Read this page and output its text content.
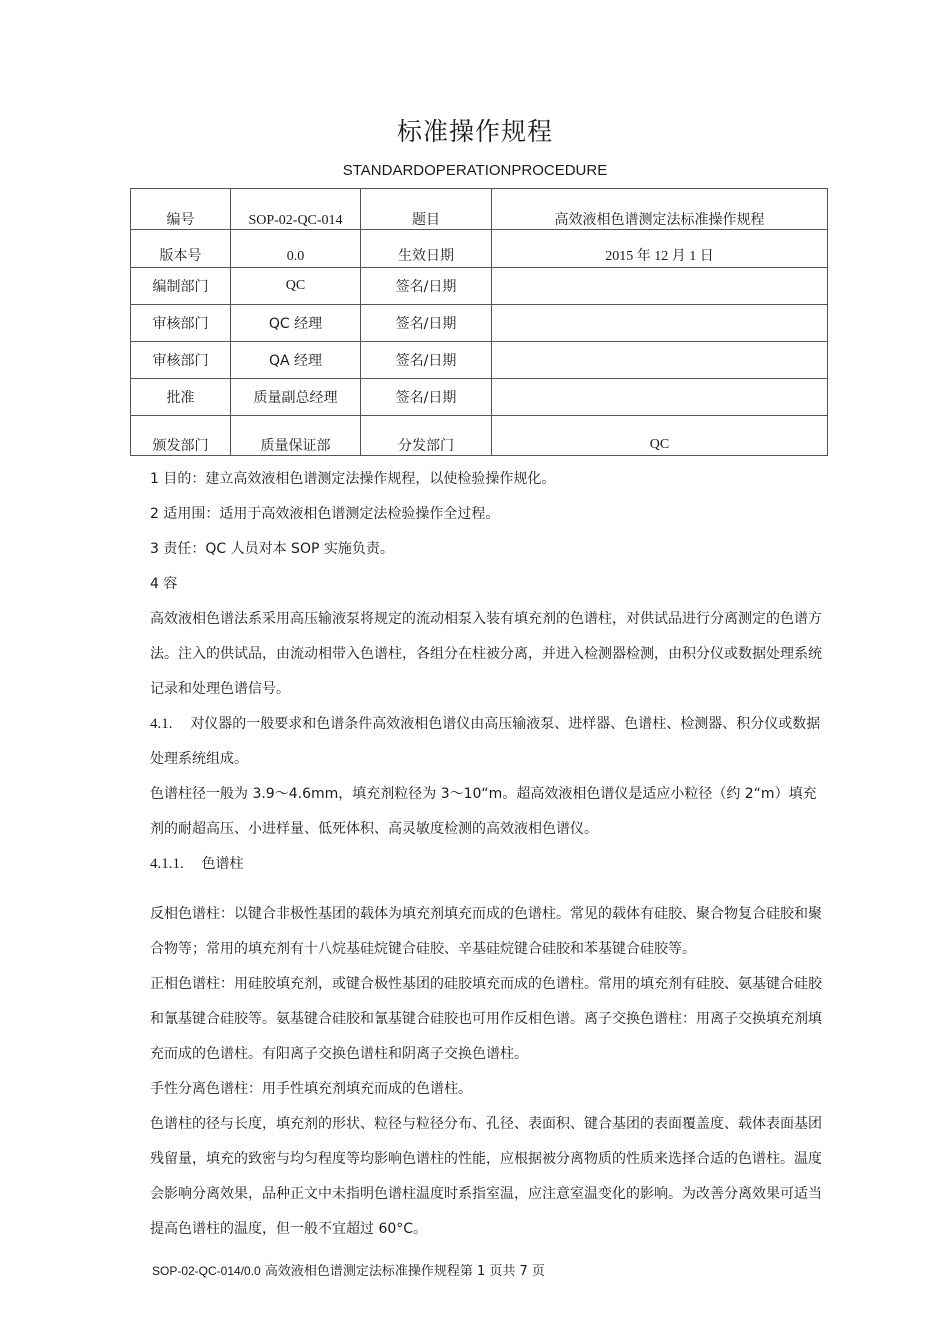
标准操作规程
STANDARDOPERATIONPROCEDURE
编号	SOP-02-QC-014	题目	高效液相色谱测定法标准操作规程
版本号	0.0	生效日期	2015 年 12 月 1 日
编制部门	QC	签名/日期	
审核部门	QC 经理	签名/日期	
审核部门	QA 经理	签名/日期	
批准	质量副总经理	签名/日期	
颁发部门	质量保证部	分发部门	QC

1 目的：建立高效液相色谱测定法操作规程，以使检验操作规化。

2 适用围：适用于高效液相色谱测定法检验操作全过程。

3 责任：QC 人员对本 SOP 实施负责。

4 容

高效液相色谱法系采用高压输液泵将规定的流动相泵入装有填充剂的色谱柱，对供试品进行分离测定的色谱方法。注入的供试品，由流动相带入色谱柱，各组分在柱被分离，并进入检测器检测，由积分仪或数据处理系统记录和处理色谱信号。

4.1. 对仪器的一般要求和色谱条件高效液相色谱仪由高压输液泵、进样器、色谱柱、检测器、积分仪或数据处理系统组成。

色谱柱径一般为 3.9～4.6mm，填充剂粒径为 3～10“m。超高效液相色谱仪是适应小粒径（约 2“m）填充剂的耐超高压、小进样量、低死体积、高灵敏度检测的高效液相色谱仪。

4.1.1. 色谱柱

反相色谱柱：以键合非极性基团的载体为填充剂填充而成的色谱柱。常见的载体有硅胶、聚合物复合硅胶和聚合物等；常用的填充剂有十八烷基硅烷键合硅胶、辛基硅烷键合硅胶和苯基键合硅胶等。

正相色谱柱：用硅胶填充剂，或键合极性基团的硅胶填充而成的色谱柱。常用的填充剂有硅胶、氨基键合硅胶和氰基键合硅胶等。氨基键合硅胶和氰基键合硅胶也可用作反相色谱。离子交换色谱柱：用离子交换填充剂填充而成的色谱柱。有阳离子交换色谱柱和阴离子交换色谱柱。

手性分离色谱柱：用手性填充剂填充而成的色谱柱。

色谱柱的径与长度，填充剂的形状、粒径与粒径分布、孔径、表面积、键合基团的表面覆盖度、载体表面基团残留量，填充的致密与均匀程度等均影响色谱柱的性能，应根据被分离物质的性质来选择合适的色谱柱。温度会影响分离效果，品种正文中未指明色谱柱温度时系指室温，应注意室温变化的影响。为改善分离效果可适当提高色谱柱的温度，但一般不宜超过 60°C。

SOP-02-QC-014/0.0 高效液相色谱测定法标准操作规程第 1 页共 7 页
